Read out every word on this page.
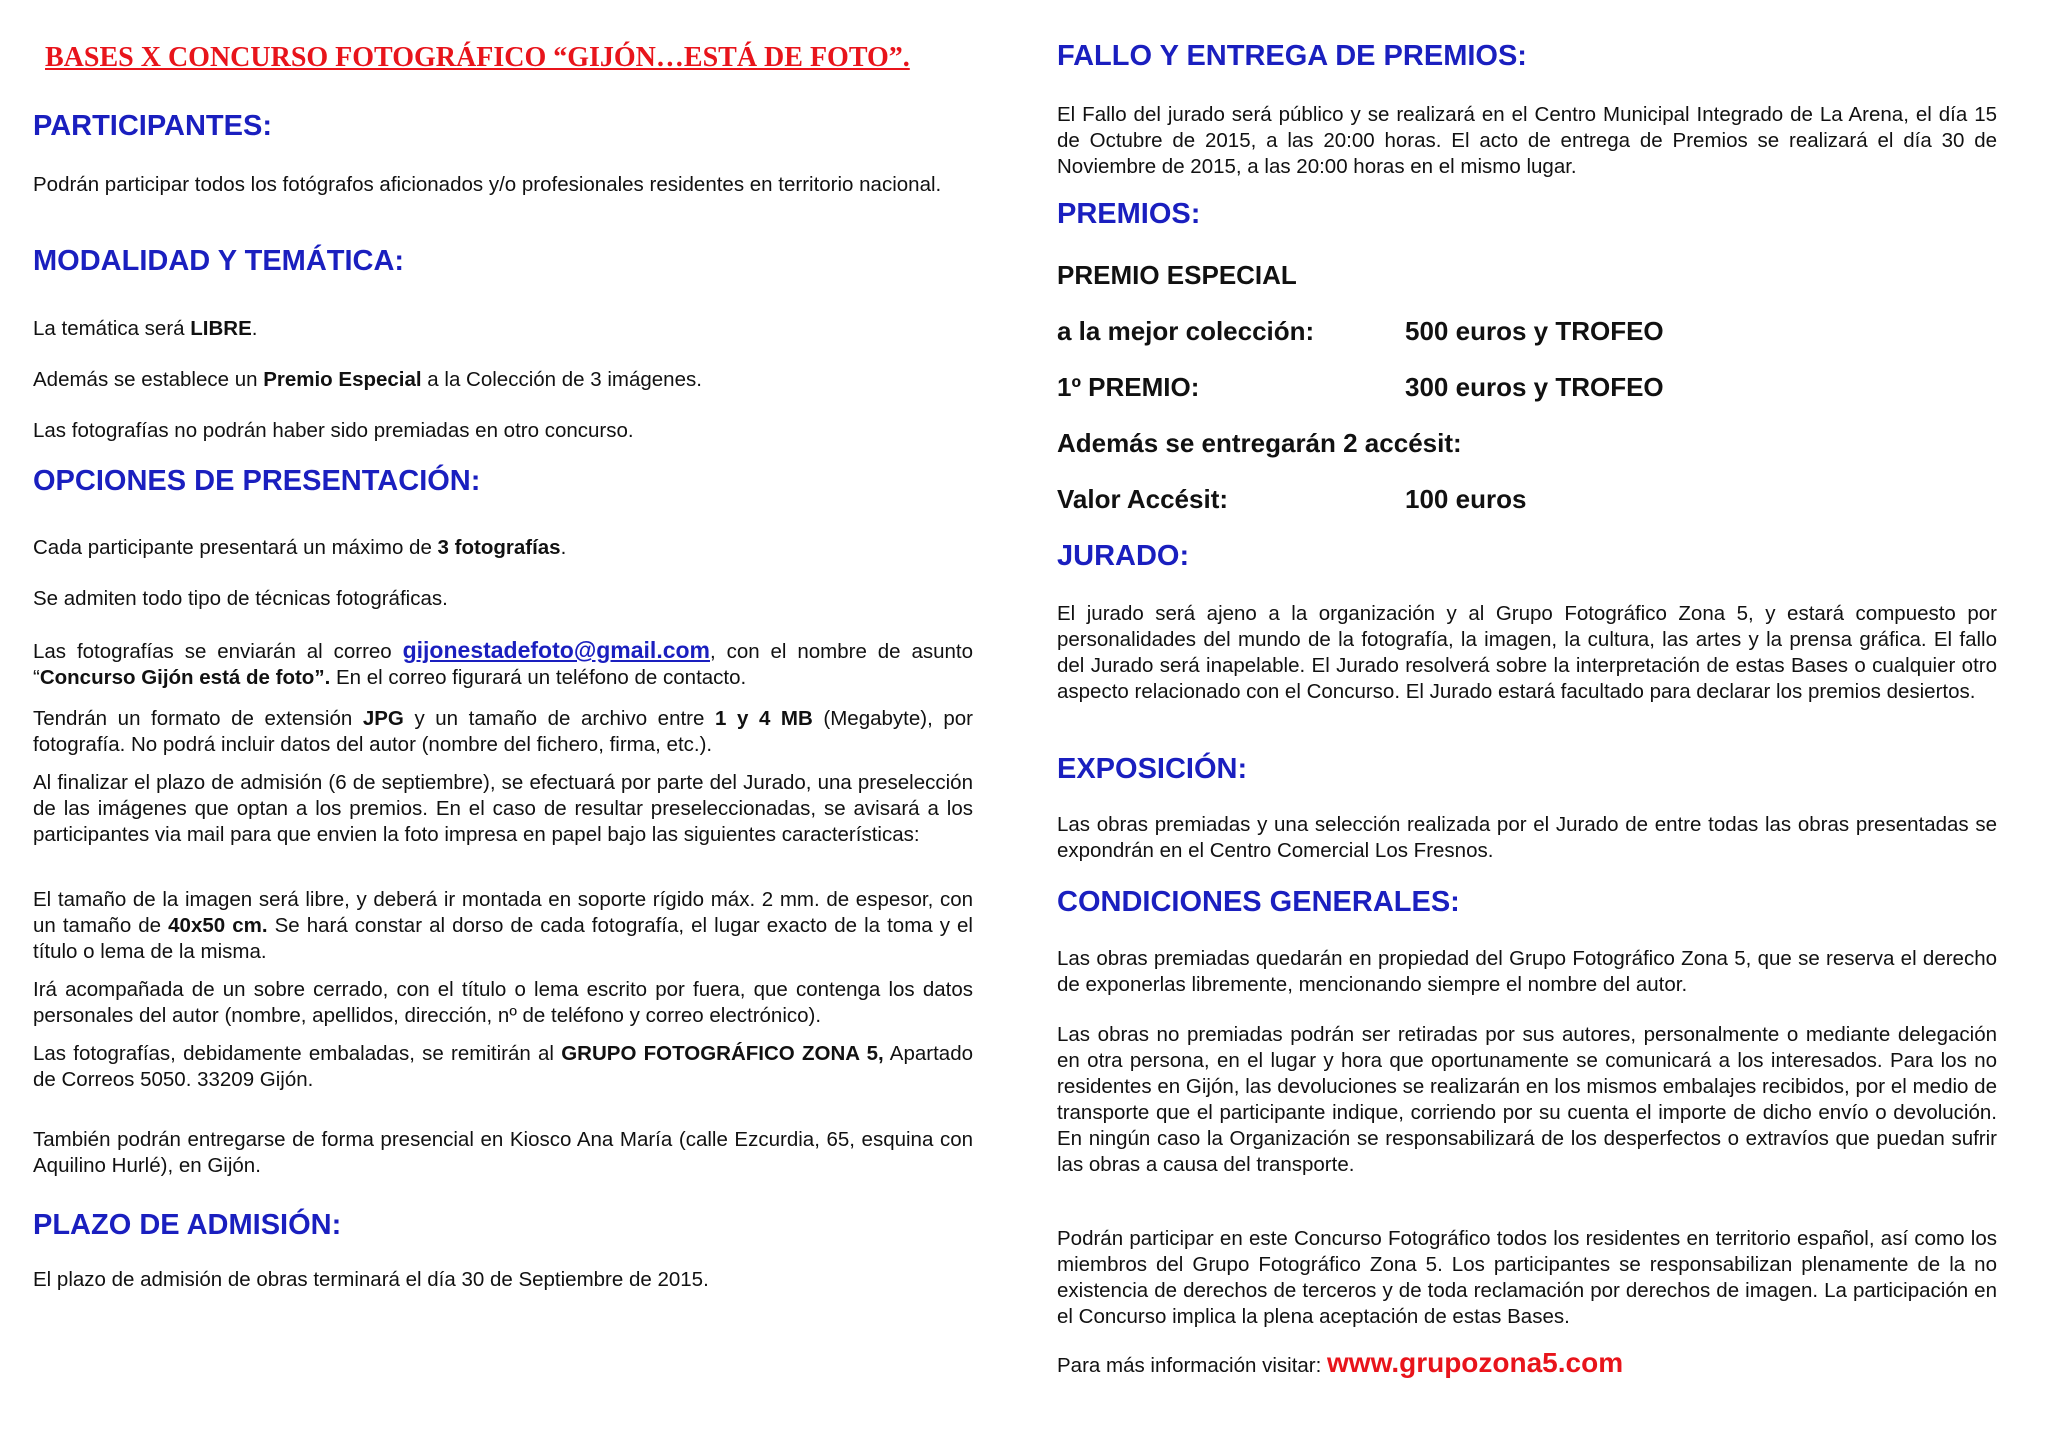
BASES X CONCURSO FOTOGRÁFICO “GIJÓN…ESTÁ DE FOTO”.
PARTICIPANTES:

Podrán participar todos los fotógrafos aficionados y/o profesionales residentes en territorio nacional.

MODALIDAD Y TEMÁTICA:

La temática será LIBRE.

Además se establece un Premio Especial a la Colección de 3 imágenes.

Las fotografías no podrán haber sido premiadas en otro concurso.

OPCIONES DE PRESENTACIÓN:

Cada participante presentará un máximo de 3 fotografías.

Se admiten todo tipo de técnicas fotográficas.

Las fotografías se enviarán al correo gijonestadefoto@gmail.com, con el nombre de asunto “Concurso Gijón está de foto”. En el correo figurará un teléfono de contacto.

Tendrán un formato de extensión JPG y un tamaño de archivo entre 1 y 4 MB (Megabyte), por fotografía. No podrá incluir datos del autor (nombre del fichero, firma, etc.).

Al finalizar el plazo de admisión (6 de septiembre), se efectuará por parte del Jurado, una preselección de las imágenes que optan a los premios. En el caso de resultar preseleccionadas, se avisará a los participantes via mail para que envien la foto impresa en papel bajo las siguientes características:

El tamaño de la imagen será libre, y deberá ir montada en soporte rígido máx. 2 mm. de espesor, con un tamaño de 40x50 cm. Se hará constar al dorso de cada fotografía, el lugar exacto de la toma y el título o lema de la misma.

Irá acompañada de un sobre cerrado, con el título o lema escrito por fuera, que contenga los datos personales del autor (nombre, apellidos, dirección, nº de teléfono y correo electrónico).

Las fotografías, debidamente embaladas, se remitirán al GRUPO FOTOGRÁFICO ZONA 5, Apartado de Correos 5050. 33209 Gijón.

También podrán entregarse de forma presencial en Kiosco Ana María (calle Ezcurdia, 65, esquina con Aquilino Hurlé), en Gijón.

PLAZO DE ADMISIÓN:

El plazo de admisión de obras terminará el día 30 de Septiembre de 2015.

FALLO Y ENTREGA DE PREMIOS:

El Fallo del jurado será público y se realizará en el Centro Municipal Integrado de La Arena, el día 15 de Octubre de 2015, a las 20:00 horas. El acto de entrega de Premios se realizará el día 30 de Noviembre de 2015, a las 20:00 horas en el mismo lugar.

PREMIOS:
PREMIO ESPECIAL
a la mejor colección:	500 euros y TROFEO
1º PREMIO:	300 euros y TROFEO
Además se entregarán 2 accésit:
Valor Accésit:	100 euros
JURADO:

El jurado será ajeno a la organización y al Grupo Fotográfico Zona 5, y estará compuesto por personalidades del mundo de la fotografía, la imagen, la cultura, las artes y la prensa gráfica. El fallo del Jurado será inapelable. El Jurado resolverá sobre la interpretación de estas Bases o cualquier otro aspecto relacionado con el Concurso. El Jurado estará facultado para declarar los premios desiertos.

EXPOSICIÓN:

Las obras premiadas y una selección realizada por el Jurado de entre todas las obras presentadas se expondrán en el Centro Comercial Los Fresnos.

CONDICIONES GENERALES:

Las obras premiadas quedarán en propiedad del Grupo Fotográfico Zona 5, que se reserva el derecho de exponerlas libremente, mencionando siempre el nombre del autor.

Las obras no premiadas podrán ser retiradas por sus autores, personalmente o mediante delegación en otra persona, en el lugar y hora que oportunamente se comunicará a los interesados. Para los no residentes en Gijón, las devoluciones se realizarán en los mismos embalajes recibidos, por el medio de transporte que el participante indique, corriendo por su cuenta el importe de dicho envío o devolución. En ningún caso la Organización se responsabilizará de los desperfectos o extravíos que puedan sufrir las obras a causa del transporte.

Podrán participar en este Concurso Fotográfico todos los residentes en territorio español, así como los miembros del Grupo Fotográfico Zona 5. Los participantes se responsabilizan plenamente de la no existencia de derechos de terceros y de toda reclamación por derechos de imagen. La participación en el Concurso implica la plena aceptación de estas Bases.

Para más información visitar: www.grupozona5.com
